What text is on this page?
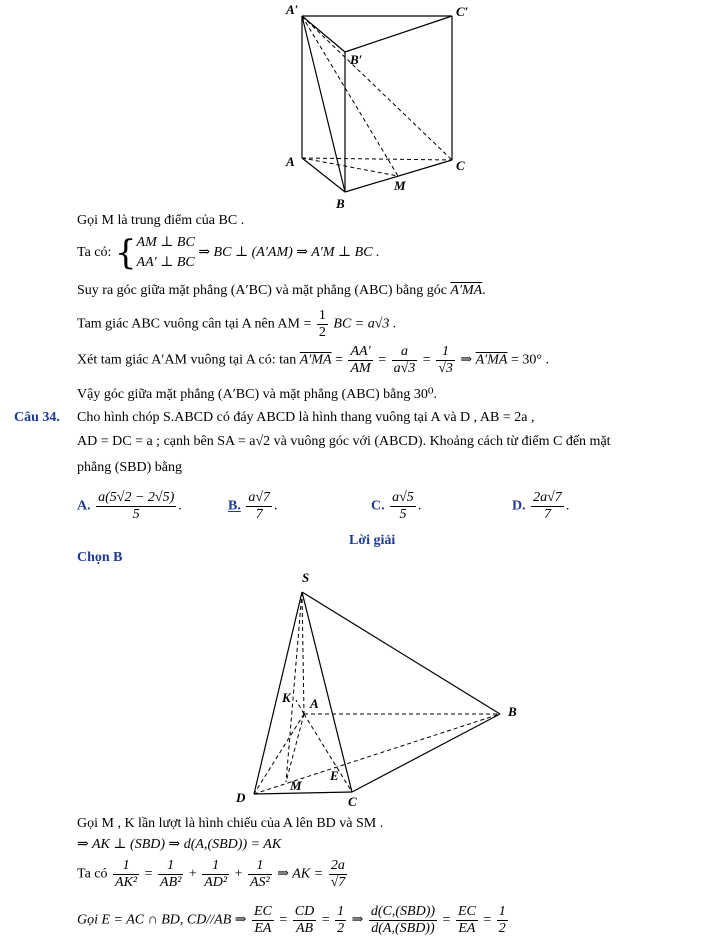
A′	C′
B′
A	C
M
B
Gọi M là trung điểm của BC .
Ta có: {AM ⊥ BC
AA′ ⊥ BC ⇒ BC ⊥ (A′AM) ⇒ A′M ⊥ BC .
Suy ra góc giữa mặt phẳng (A′BC) và mặt phẳng (ABC) bằng góc A′MA.
Tam giác ABC vuông cân tại A nên AM = $\frac{1}{2}$ BC = a√3 .
Xét tam giác A′AM vuông tại A có: $\tan A'MA = \frac{AA'}{AM} = \frac{a}{a√3} = \frac{1}{√3}$ ⇒ A′MA = 30° .
Vậy góc giữa mặt phẳng (A′BC) và mặt phẳng (ABC) bằng 30⁰.
Câu 34. Cho hình chóp S.ABCD có đáy ABCD là hình thang vuông tại A và D , AB = 2a ,
AD = DC = a ; cạnh bên SA = a√2 và vuông góc với (ABCD). Khoảng cách từ điểm C đến mặt
phẳng (SBD) bằng
A. $\frac{a(5√2 - 2√5)}{5}$ .	B. $\frac{a√7}{7}$ .	C. $\frac{a√5}{5}$ .	D. $\frac{2a√7}{7}$ .
Lời giải
Chọn B
S
K A
B
E
M
D	C
Gọi M , K lần lượt là hình chiếu của A lên BD và SM .
⇒ AK ⊥ (SBD) ⇒ d(A,(SBD)) = AK
Ta có $\frac{1}{\text{AK²}} = \frac{1}{\text{AB²}} + \frac{1}{\text{AD²}} + \frac{1}{\text{AS²}}$ ⇒ AK = $\frac{2a}{√7}$
Gọi E = AC ∩ BD, CD//AB ⇒ $\frac{EC}{EA} = \frac{CD}{AB} = \frac{1}{2}$ ⇒ $\frac{\text{d(C,(SBD))}}{\text{d(A,(SBD))}} = \frac{EC}{EA} = \frac{1}{2}$
